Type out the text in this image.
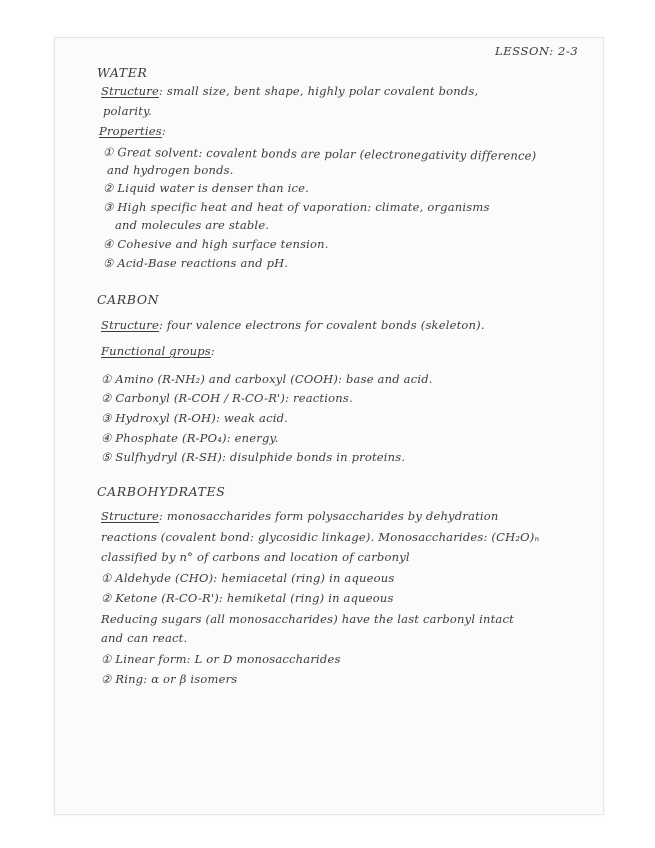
LESSON: 2-3
WATER
Structure: small size, bent shape, highly polar covalent bonds,
polarity.
Properties:
① Great solvent: covalent bonds are polar (electronegativity difference)
and hydrogen bonds.
② Liquid water is denser than ice.
③ High specific heat and heat of vaporation: climate, organisms
and molecules are stable.
④ Cohesive and high surface tension.
⑤ Acid-Base reactions and pH.
CARBON
Structure: four valence electrons for covalent bonds (skeleton).
Functional groups:
① Amino (R-NH₂) and carboxyl (COOH): base and acid.
② Carbonyl (R-COH / R-CO-R'): reactions.
③ Hydroxyl (R-OH): weak acid.
④ Phosphate (R-PO₄): energy.
⑤ Sulfhydryl (R-SH): disulphide bonds in proteins.
CARBOHYDRATES
Structure: monosaccharides form polysaccharides by dehydration
reactions (covalent bond: glycosidic linkage). Monosaccharides: (CH₂O)ₙ
classified by n° of carbons and location of carbonyl
① Aldehyde (CHO): hemiacetal (ring) in aqueous
② Ketone (R-CO-R'): hemiketal (ring) in aqueous
Reducing sugars (all monosaccharides) have the last carbonyl intact
and can react.
① Linear form: L or D monosaccharides
② Ring: α or β isomers
